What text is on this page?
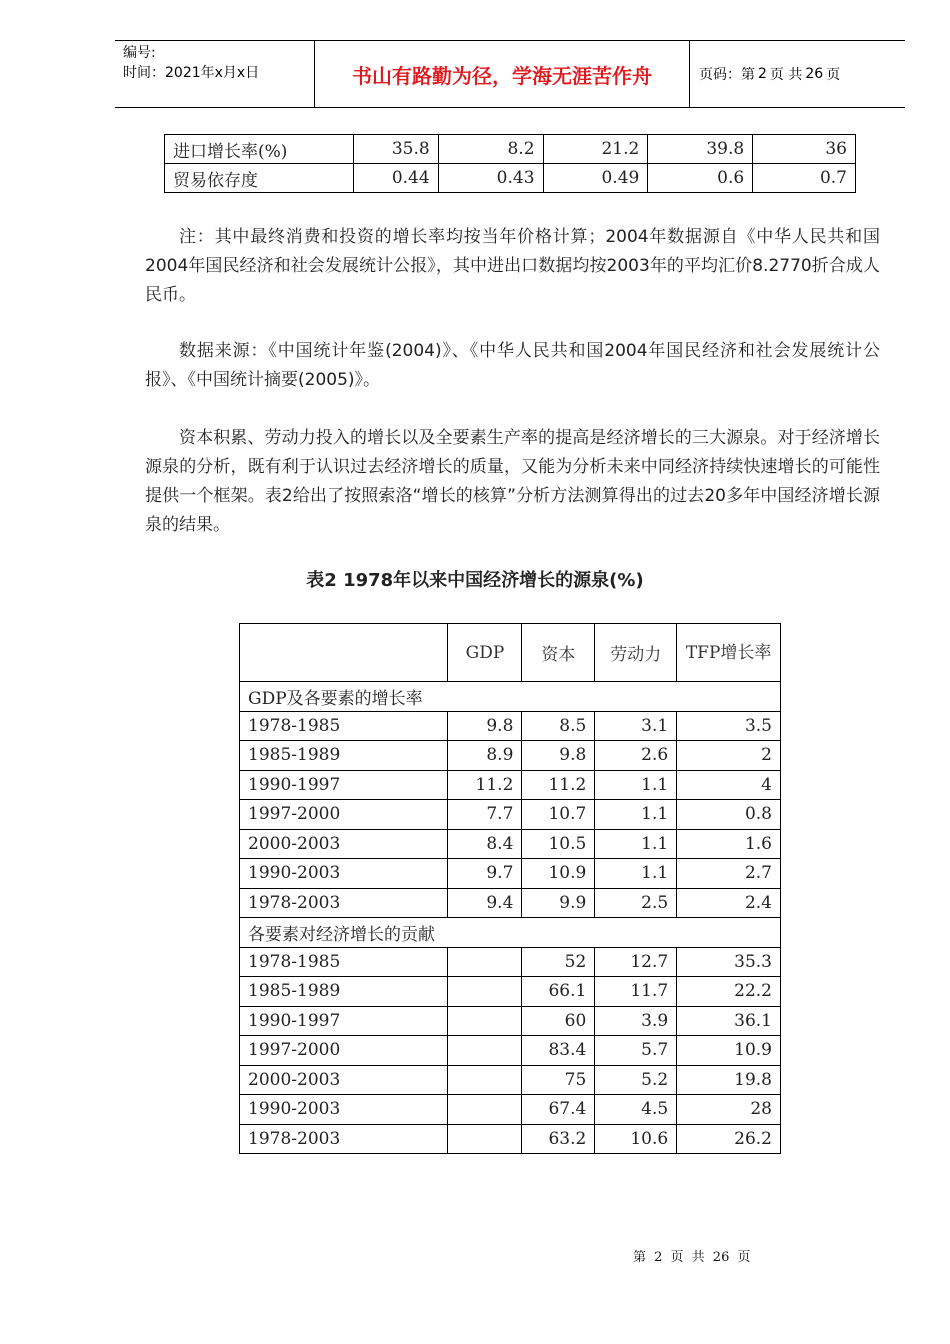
编号:
时间：2021年x月x日	书山有路勤为径，学海无涯苦作舟	页码：第 2 页 共 26 页
进口增长率(%)	35.8	8.2	21.2	39.8	36
贸易依存度	0.44	0.43	0.49	0.6	0.7

注：其中最终消费和投资的增长率均按当年价格计算；2004年数据源自《中华人民共和国2004年国民经济和社会发展统计公报》，其中进出口数据均按2003年的平均汇价8.2770折合成人民币。

数据来源：《中国统计年鉴(2004)》、《中华人民共和国2004年国民经济和社会发展统计公报》、《中国统计摘要(2005)》。

资本积累、劳动力投入的增长以及全要素生产率的提高是经济增长的三大源泉。对于经济增长源泉的分析，既有利于认识过去经济增长的质量，又能为分析未来中同经济持续快速增长的可能性提供一个框架。表2给出了按照索洛“增长的核算”分析方法测算得出的过去20多年中国经济增长源泉的结果。

表2 1978年以来中国经济增长的源泉(%)
	GDP	资本	劳动力	TFP增长率
GDP及各要素的增长率				
1978-1985	9.8	8.5	3.1	3.5
1985-1989	8.9	9.8	2.6	2
1990-1997	11.2	11.2	1.1	4
1997-2000	7.7	10.7	1.1	0.8
2000-2003	8.4	10.5	1.1	1.6
1990-2003	9.7	10.9	1.1	2.7
1978-2003	9.4	9.9	2.5	2.4
各要素对经济增长的贡献				
1978-1985		52	12.7	35.3
1985-1989		66.1	11.7	22.2
1990-1997		60	3.9	36.1
1997-2000		83.4	5.7	10.9
2000-2003		75	5.2	19.8
1990-2003		67.4	4.5	28
1978-2003		63.2	10.6	26.2
第 2 页 共 26 页
